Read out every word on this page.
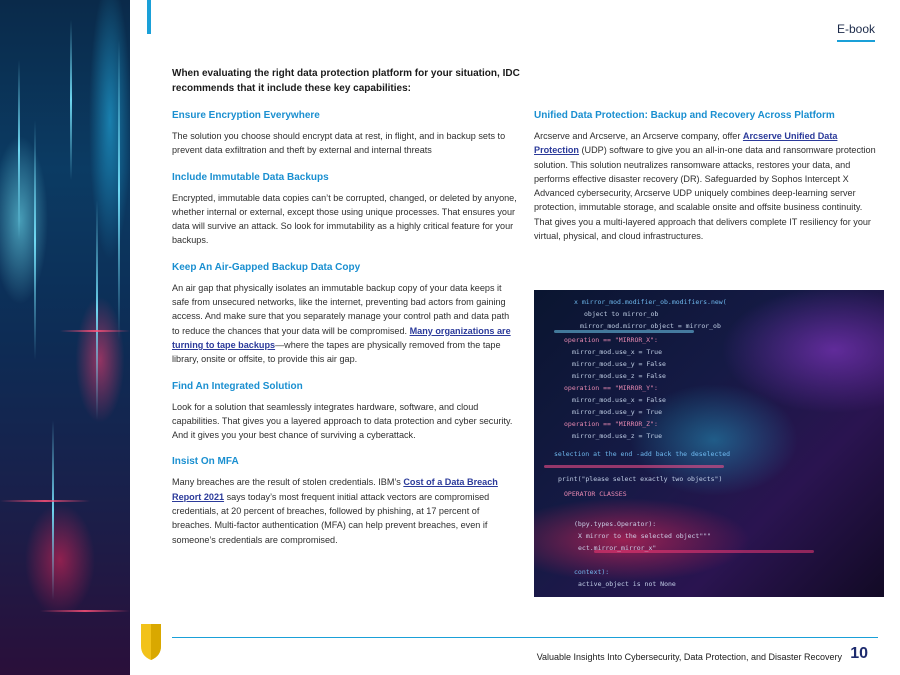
E-book
When evaluating the right data protection platform for your situation, IDC recommends that it include these key capabilities:
Ensure Encryption Everywhere

The solution you choose should encrypt data at rest, in flight, and in backup sets to prevent data exfiltration and theft by external and internal threats

Include Immutable Data Backups

Encrypted, immutable data copies can’t be corrupted, changed, or deleted by anyone, whether internal or external, except those using unique processes. That ensures your data will survive an attack. So look for immutability as a highly critical feature for your backups.

Keep An Air-Gapped Backup Data Copy

An air gap that physically isolates an immutable backup copy of your data keeps it safe from unsecured networks, like the internet, preventing bad actors from gaining access. And make sure that you separately manage your control path and data path to reduce the chances that your data will be compromised. Many organizations are turning to tape backups—where the tapes are physically removed from the tape library, onsite or offsite, to provide this air gap.

Find An Integrated Solution

Look for a solution that seamlessly integrates hardware, software, and cloud capabilities. That gives you a layered approach to data protection and cyber security. And it gives you your best chance of surviving a cyberattack.

Insist On MFA

Many breaches are the result of stolen credentials. IBM’s Cost of a Data Breach Report 2021 says today’s most frequent initial attack vectors are compromised credentials, at 20 percent of breaches, followed by phishing, at 17 percent of breaches. Multi-factor authentication (MFA) can help prevent breaches, even if someone’s credentials are compromised.

Unified Data Protection: Backup and Recovery Across Platform

Arcserve and Arcserve, an Arcserve company, offer Arcserve Unified Data Protection (UDP) software to give you an all-in-one data and ransomware protection solution. This solution neutralizes ransomware attacks, restores your data, and performs effective disaster recovery (DR). Safeguarded by Sophos Intercept X Advanced cybersecurity, Arcserve UDP uniquely combines deep-learning server protection, immutable storage, and scalable onsite and offsite business continuity. That gives you a multi-layered approach that delivers complete IT resiliency for your virtual, physical, and cloud infrastructures.

x mirror_mod.modifier_ob.modifiers.new(
object to mirror_ob
mirror_mod.mirror_object = mirror_ob
operation == "MIRROR_X":
mirror_mod.use_x = True
mirror_mod.use_y = False
mirror_mod.use_z = False
operation == "MIRROR_Y":
mirror_mod.use_x = False
mirror_mod.use_y = True
operation == "MIRROR_Z":
mirror_mod.use_z = True
selection at the end -add back the deselected
print("please select exactly two objects")
OPERATOR CLASSES
(bpy.types.Operator):
X mirror to the selected object"""
ect.mirror_mirror_x"
context):
active_object is not None
Valuable Insights Into Cybersecurity, Data Protection, and Disaster Recovery 10
